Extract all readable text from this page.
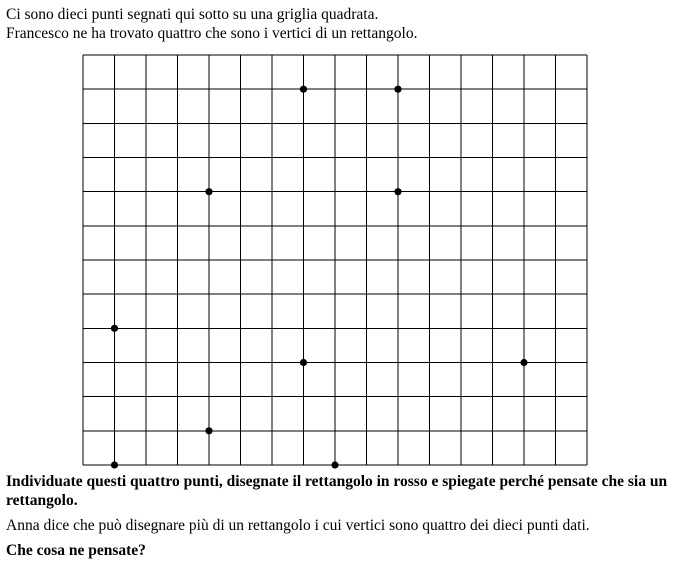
Ci sono dieci punti segnati qui sotto su una griglia quadrata.

Francesco ne ha trovato quattro che sono i vertici di un rettangolo.

Individuate questi quattro punti, disegnate il rettangolo in rosso e spiegate perché pensate che sia un rettangolo.

Anna dice che può disegnare più di un rettangolo i cui vertici sono quattro dei dieci punti dati.

Che cosa ne pensate?
